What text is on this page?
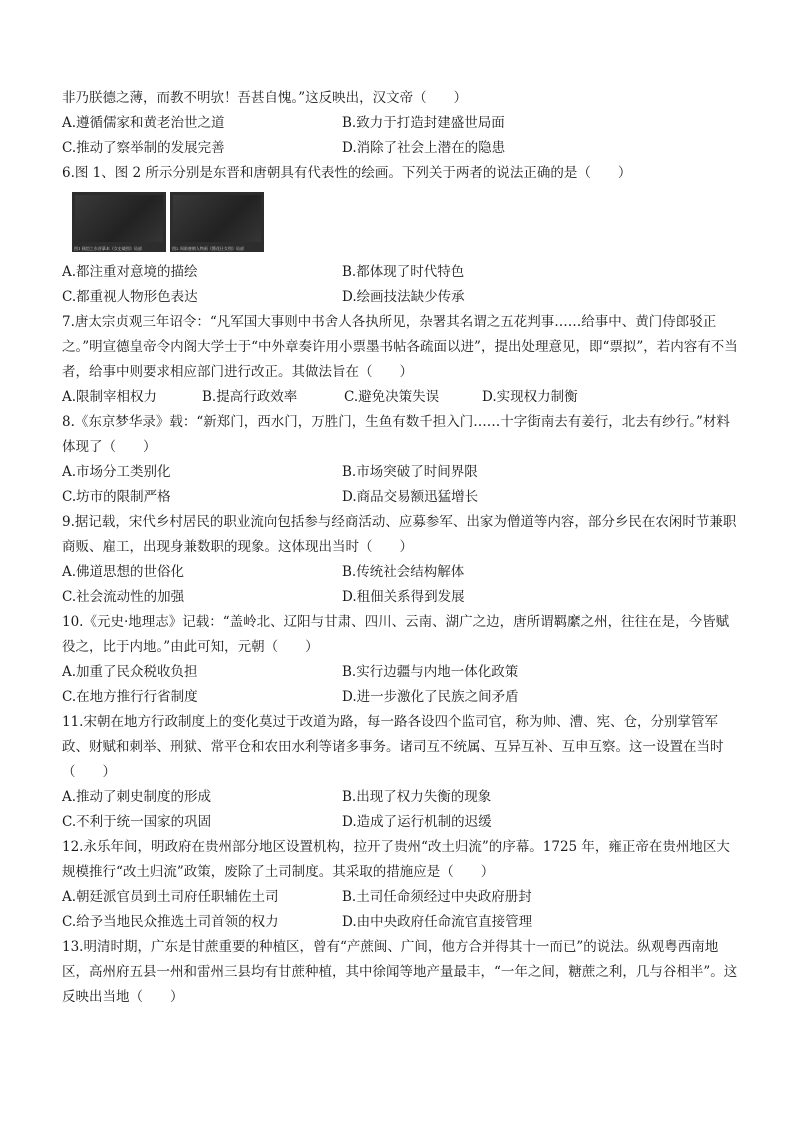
非乃朕德之薄，而教不明欤！吾甚自愧。”这反映出，汉文帝（　　）
A.遵循儒家和黄老治世之道	B.致力于打造封建盛世局面
C.推动了察举制的发展完善	D.消除了社会上潜在的隐患
6.图 1、图 2 所示分别是东晋和唐朝具有代表性的绘画。下列关于两者的说法正确的是（　　）
图1 顾恺之东晋摹本《女史箴图》局部	图2 周昉唐朝人物画《簪花仕女图》局部
A.都注重对意境的描绘	B.都体现了时代特色
C.都重视人物形色表达	D.绘画技法缺少传承
7.唐太宗贞观三年诏令：“凡军国大事则中书舍人各执所见，杂署其名谓之五花判事……给事中、黄门侍郎驳正之。”明宣德皇帝令内阁大学士于“中外章奏许用小票墨书帖各疏面以进”，提出处理意见，即“票拟”，若内容有不当者，给事中则要求相应部门进行改正。其做法旨在（　　）
A.限制宰相权力	B.提高行政效率	C.避免决策失误	D.实现权力制衡
8.《东京梦华录》载：“新郑门，西水门，万胜门，生鱼有数千担入门……十字街南去有姜行，北去有纱行。”材料体现了（　　）
A.市场分工类别化	B.市场突破了时间界限
C.坊市的限制严格	D.商品交易额迅猛增长
9.据记载，宋代乡村居民的职业流向包括参与经商活动、应募参军、出家为僧道等内容，部分乡民在农闲时节兼职商贩、雇工，出现身兼数职的现象。这体现出当时（　　）
A.佛道思想的世俗化	B.传统社会结构解体
C.社会流动性的加强	D.租佃关系得到发展
10.《元史·地理志》记载：“盖岭北、辽阳与甘肃、四川、云南、湖广之边，唐所谓羁縻之州，往往在是，今皆赋役之，比于内地。”由此可知，元朝（　　）
A.加重了民众税收负担	B.实行边疆与内地一体化政策
C.在地方推行行省制度	D.进一步激化了民族之间矛盾
11.宋朝在地方行政制度上的变化莫过于改道为路，每一路各设四个监司官，称为帅、漕、宪、仓，分别掌管军政、财赋和刺举、刑狱、常平仓和农田水利等诸多事务。诸司互不统属、互异互补、互申互察。这一设置在当时（　　）
A.推动了刺史制度的形成	B.出现了权力失衡的现象
C.不利于统一国家的巩固	D.造成了运行机制的迟缓
12.永乐年间，明政府在贵州部分地区设置机构，拉开了贵州“改土归流”的序幕。1725 年，雍正帝在贵州地区大规模推行“改土归流”政策，废除了土司制度。其采取的措施应是（　　）
A.朝廷派官员到土司府任职辅佐土司	B.土司任命须经过中央政府册封
C.给予当地民众推选土司首领的权力	D.由中央政府任命流官直接管理
13.明清时期，广东是甘蔗重要的种植区，曾有“产蔗闽、广间，他方合并得其十一而已”的说法。纵观粤西南地区，高州府五县一州和雷州三县均有甘蔗种植，其中徐闻等地产量最丰，“一年之间，糖蔗之利，几与谷相半”。这反映出当地（　　）
